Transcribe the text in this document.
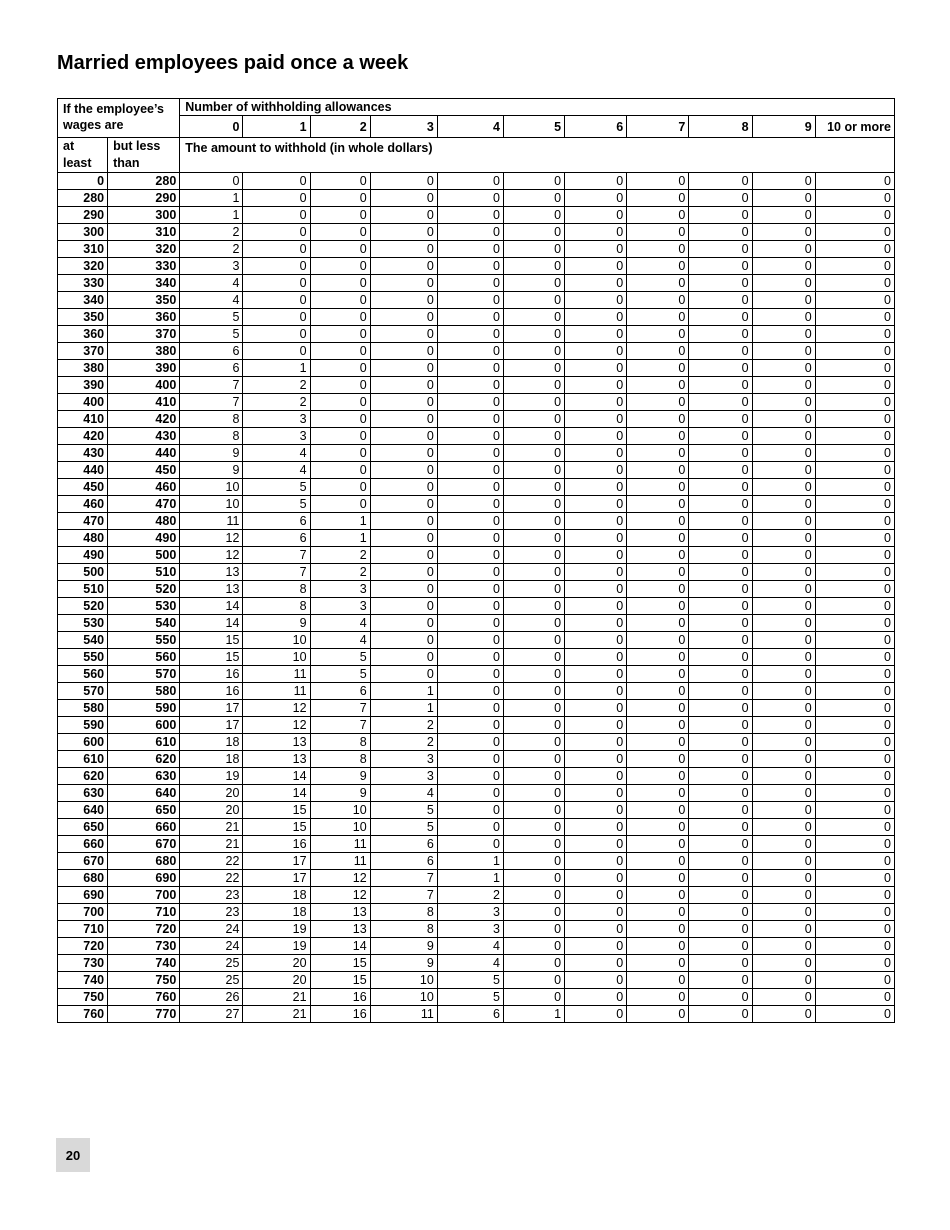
Married employees paid once a week
If the employee’s wages are		Number of withholding allowances										
		0	1	2	3	4	5	6	7	8	9	10 or more
at least	but less than	The amount to withhold (in whole dollars)										
0	280	0	0	0	0	0	0	0	0	0	0	0
280	290	1	0	0	0	0	0	0	0	0	0	0
290	300	1	0	0	0	0	0	0	0	0	0	0
300	310	2	0	0	0	0	0	0	0	0	0	0
310	320	2	0	0	0	0	0	0	0	0	0	0
320	330	3	0	0	0	0	0	0	0	0	0	0
330	340	4	0	0	0	0	0	0	0	0	0	0
340	350	4	0	0	0	0	0	0	0	0	0	0
350	360	5	0	0	0	0	0	0	0	0	0	0
360	370	5	0	0	0	0	0	0	0	0	0	0
370	380	6	0	0	0	0	0	0	0	0	0	0
380	390	6	1	0	0	0	0	0	0	0	0	0
390	400	7	2	0	0	0	0	0	0	0	0	0
400	410	7	2	0	0	0	0	0	0	0	0	0
410	420	8	3	0	0	0	0	0	0	0	0	0
420	430	8	3	0	0	0	0	0	0	0	0	0
430	440	9	4	0	0	0	0	0	0	0	0	0
440	450	9	4	0	0	0	0	0	0	0	0	0
450	460	10	5	0	0	0	0	0	0	0	0	0
460	470	10	5	0	0	0	0	0	0	0	0	0
470	480	11	6	1	0	0	0	0	0	0	0	0
480	490	12	6	1	0	0	0	0	0	0	0	0
490	500	12	7	2	0	0	0	0	0	0	0	0
500	510	13	7	2	0	0	0	0	0	0	0	0
510	520	13	8	3	0	0	0	0	0	0	0	0
520	530	14	8	3	0	0	0	0	0	0	0	0
530	540	14	9	4	0	0	0	0	0	0	0	0
540	550	15	10	4	0	0	0	0	0	0	0	0
550	560	15	10	5	0	0	0	0	0	0	0	0
560	570	16	11	5	0	0	0	0	0	0	0	0
570	580	16	11	6	1	0	0	0	0	0	0	0
580	590	17	12	7	1	0	0	0	0	0	0	0
590	600	17	12	7	2	0	0	0	0	0	0	0
600	610	18	13	8	2	0	0	0	0	0	0	0
610	620	18	13	8	3	0	0	0	0	0	0	0
620	630	19	14	9	3	0	0	0	0	0	0	0
630	640	20	14	9	4	0	0	0	0	0	0	0
640	650	20	15	10	5	0	0	0	0	0	0	0
650	660	21	15	10	5	0	0	0	0	0	0	0
660	670	21	16	11	6	0	0	0	0	0	0	0
670	680	22	17	11	6	1	0	0	0	0	0	0
680	690	22	17	12	7	1	0	0	0	0	0	0
690	700	23	18	12	7	2	0	0	0	0	0	0
700	710	23	18	13	8	3	0	0	0	0	0	0
710	720	24	19	13	8	3	0	0	0	0	0	0
720	730	24	19	14	9	4	0	0	0	0	0	0
730	740	25	20	15	9	4	0	0	0	0	0	0
740	750	25	20	15	10	5	0	0	0	0	0	0
750	760	26	21	16	10	5	0	0	0	0	0	0
760	770	27	21	16	11	6	1	0	0	0	0	0
20
